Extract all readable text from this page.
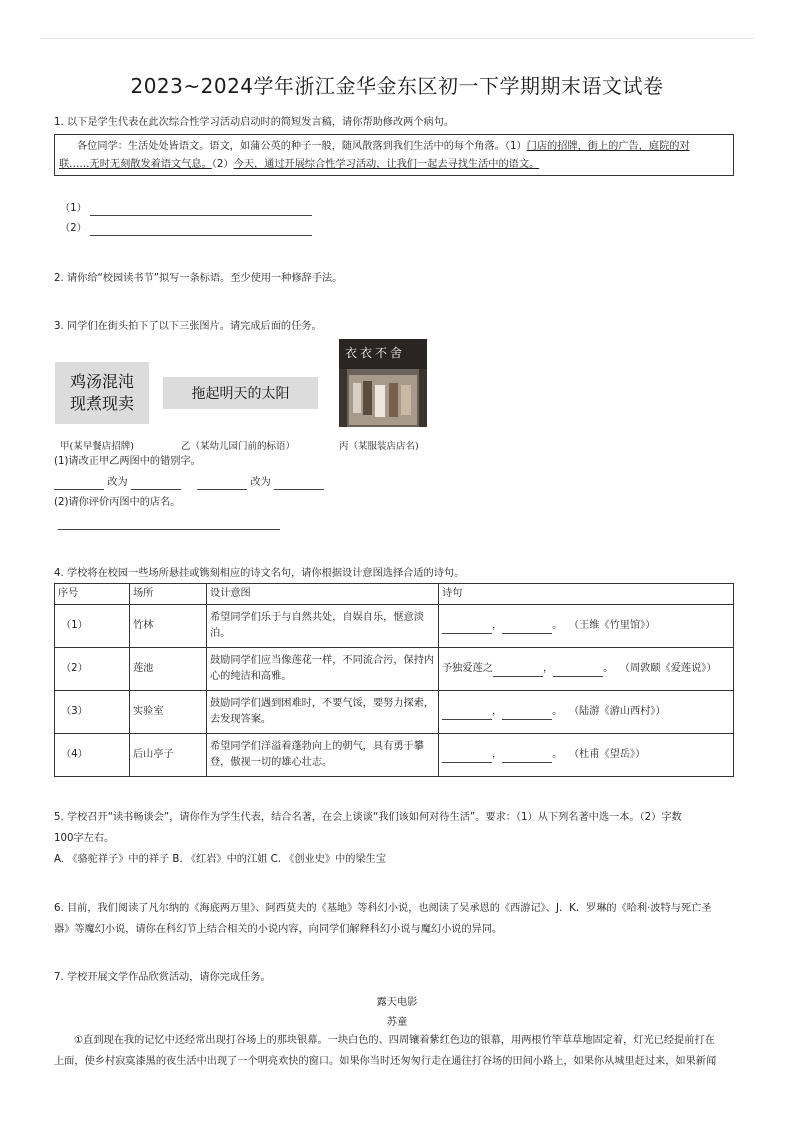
2023~2024学年浙江金华金东区初一下学期期末语文试卷
1. 以下是学生代表在此次综合性学习活动启动时的简短发言稿，请你帮助修改两个病句。
各位同学：生活处处皆语文。语文，如蒲公英的种子一般，随风散落到我们生活中的每个角落。（1）门店的招牌，街上的广告，庭院的对
联……无时无刻散发着语文气息。（2）今天，通过开展综合性学习活动，让我们一起去寻找生活中的语文。
（1）
（2）
2. 请你给“校园读书节”拟写一条标语。至少使用一种修辞手法。
3. 同学们在街头拍下了以下三张图片。请完成后面的任务。
鸡汤混沌
现煮现卖	拖起明天的太阳
衣衣不舍
甲(某早餐店招牌)	乙（某幼儿园门前的标语）	丙（某服装店店名)
(1)请改正甲乙两图中的错别字。
改为	改为
(2)请你评价丙图中的店名。
4. 学校将在校园一些场所悬挂或镌刻相应的诗文名句，请你根据设计意图选择合适的诗句。
序号	场所	设计意图	诗句
（1）	竹林	希望同学们乐于与自然共处，自娱自乐，惬意淡泊。	， 。 （王维《竹里馆》）
（2）	莲池	鼓励同学们应当像莲花一样，不同流合污，保持内心的纯洁和高雅。	予独爱莲之 ， 。 （周敦颐《爱莲说》）
（3）	实验室	鼓励同学们遇到困难时，不要气馁，要努力探索，去发现答案。	， 。 （陆游《游山西村》）
（4）	后山亭子	希望同学们洋溢着蓬勃向上的朝气，具有勇于攀登，傲视一切的雄心壮志。	， 。 （杜甫《望岳》）
5. 学校召开“读书畅谈会”，请你作为学生代表，结合名著，在会上谈谈“我们该如何对待生活”。要求：（1）从下列名著中选一本。（2）字数
100字左右。
A. 《骆驼祥子》中的祥子 B. 《红岩》中的江姐 C. 《创业史》中的梁生宝
6. 目前，我们阅读了凡尔纳的《海底两万里》、阿西莫夫的《基地》等科幻小说，也阅读了吴承恩的《西游记》、J．K．罗琳的《哈利·波特与死亡圣
器》等魔幻小说，请你在科幻节上结合相关的小说内容，向同学们解释科幻小说与魔幻小说的异同。
7. 学校开展文学作品欣赏活动，请你完成任务。
露天电影
苏童
①直到现在我的记忆中还经常出现打谷场上的那块银幕。一块白色的、四周镶着紫红色边的银幕，用两根竹竿草草地固定着，灯光已经提前打在
上面，使乡村寂寞漆黑的夜生活中出现了一个明亮欢快的窗口。如果你当时还匆匆行走在通往打谷场的田间小路上，如果你从城里赶过来，如果新闻
